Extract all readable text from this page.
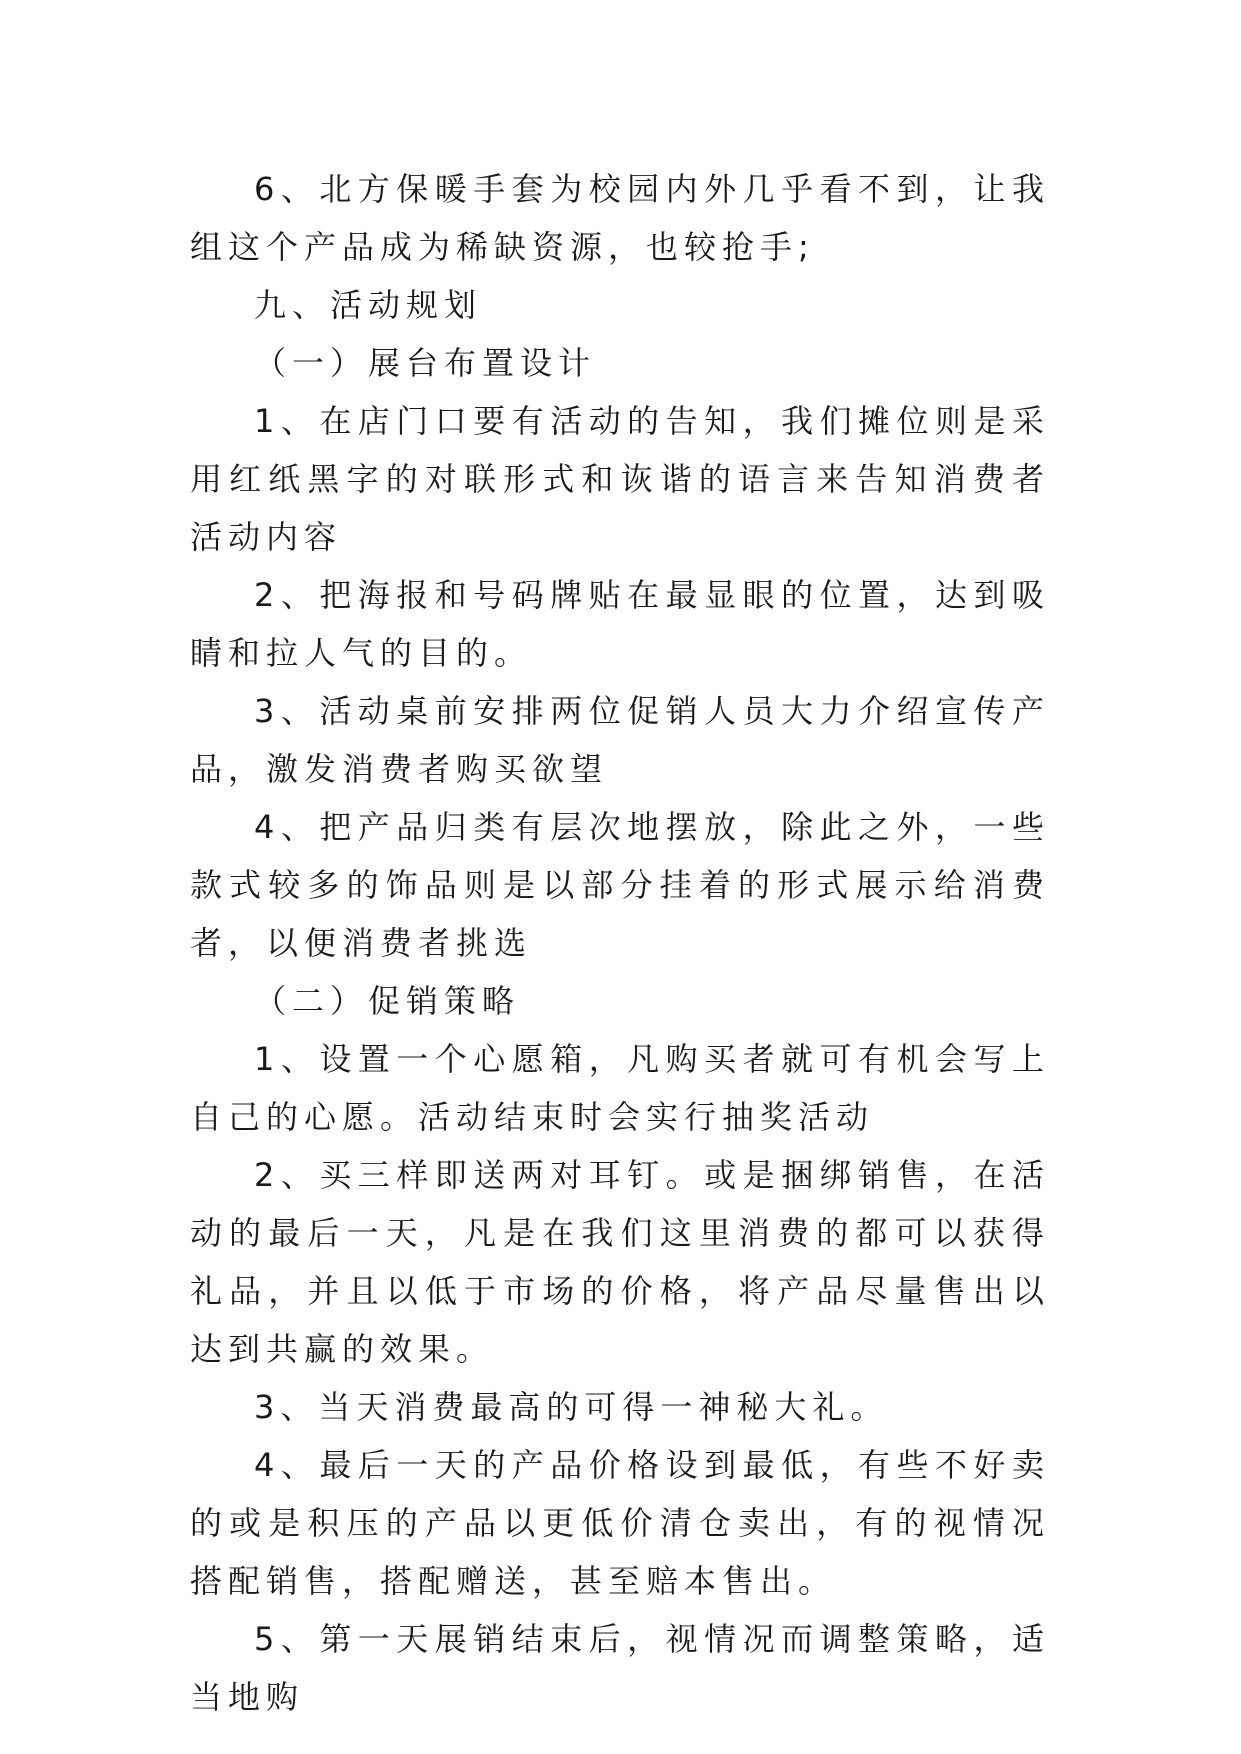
6、北方保暖手套为校园内外几乎看不到，让我组这个产品成为稀缺资源，也较抢手;

九、活动规划

（一）展台布置设计

1、在店门口要有活动的告知，我们摊位则是采用红纸黑字的对联形式和诙谐的语言来告知消费者活动内容

2、把海报和号码牌贴在最显眼的位置，达到吸睛和拉人气的目的。

3、活动桌前安排两位促销人员大力介绍宣传产品，激发消费者购买欲望

4、把产品归类有层次地摆放，除此之外，一些款式较多的饰品则是以部分挂着的形式展示给消费者，以便消费者挑选

（二）促销策略

1、设置一个心愿箱，凡购买者就可有机会写上自己的心愿。活动结束时会实行抽奖活动

2、买三样即送两对耳钉。或是捆绑销售，在活动的最后一天，凡是在我们这里消费的都可以获得礼品，并且以低于市场的价格，将产品尽量售出以达到共赢的效果。

3、当天消费最高的可得一神秘大礼。

4、最后一天的产品价格设到最低，有些不好卖的或是积压的产品以更低价清仓卖出，有的视情况搭配销售，搭配赠送，甚至赔本售出。

5、第一天展销结束后，视情况而调整策略，适当地购
